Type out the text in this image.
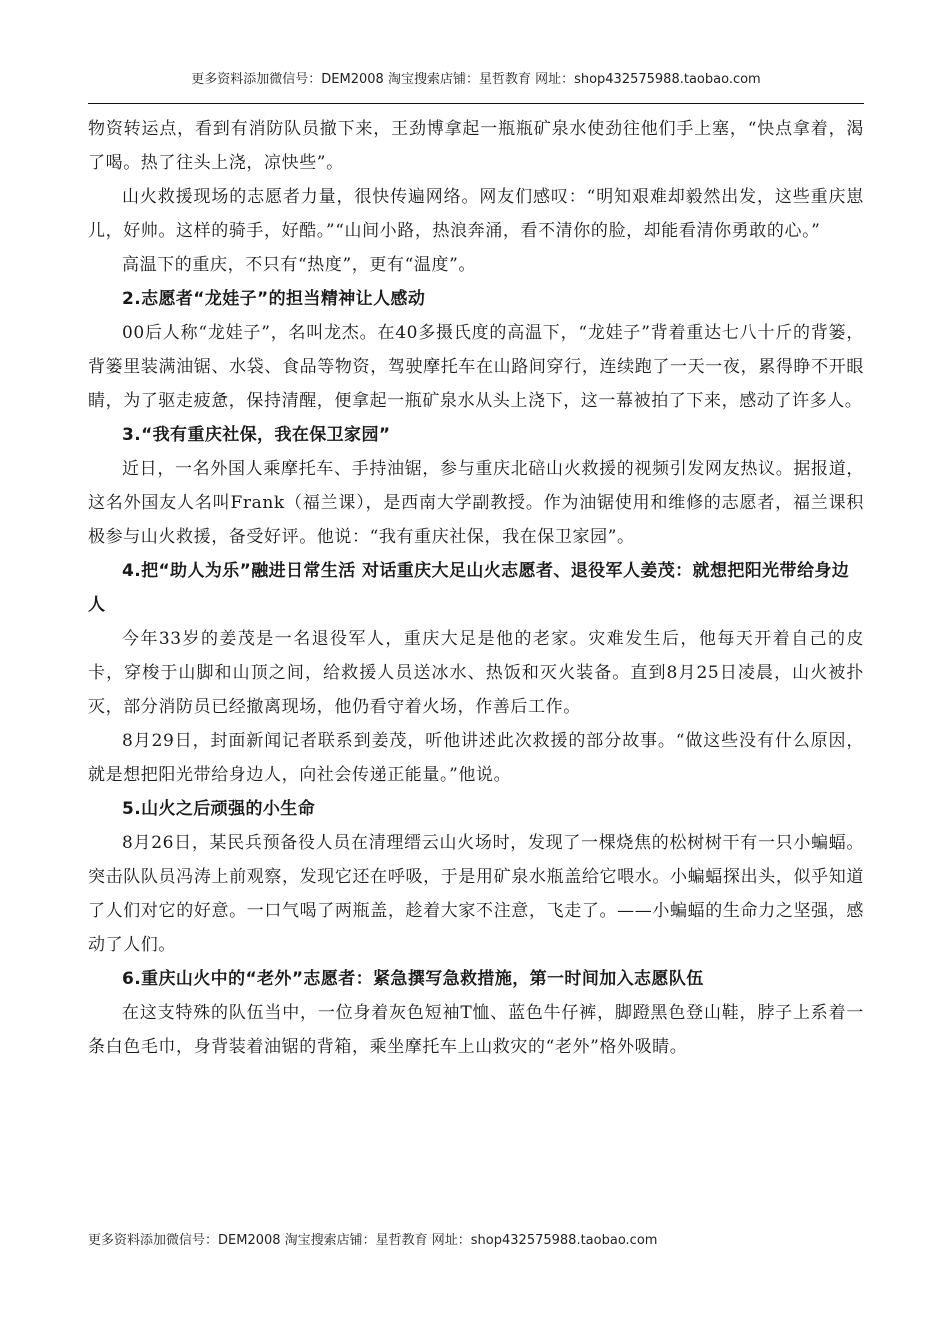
更多资料添加微信号：DEM2008 淘宝搜索店铺：星哲教育 网址：shop432575988.taobao.com

物资转运点，看到有消防队员撤下来，王劲博拿起一瓶瓶矿泉水使劲往他们手上塞，“快点拿着，渴了喝。热了往头上浇，凉快些”。

山火救援现场的志愿者力量，很快传遍网络。网友们感叹：“明知艰难却毅然出发，这些重庆崽儿，好帅。这样的骑手，好酷。”“山间小路，热浪奔涌，看不清你的脸，却能看清你勇敢的心。”

高温下的重庆，不只有“热度”，更有“温度”。

2.志愿者“龙娃子”的担当精神让人感动

00后人称“龙娃子”，名叫龙杰。在40多摄氏度的高温下，“龙娃子”背着重达七八十斤的背篓，背篓里装满油锯、水袋、食品等物资，驾驶摩托车在山路间穿行，连续跑了一天一夜，累得睁不开眼睛，为了驱走疲惫，保持清醒，便拿起一瓶矿泉水从头上浇下，这一幕被拍了下来，感动了许多人。

3.“我有重庆社保，我在保卫家园”

近日，一名外国人乘摩托车、手持油锯，参与重庆北碚山火救援的视频引发网友热议。据报道，这名外国友人名叫Frank（福兰课），是西南大学副教授。作为油锯使用和维修的志愿者，福兰课积极参与山火救援，备受好评。他说：“我有重庆社保，我在保卫家园”。

4.把“助人为乐”融进日常生活 对话重庆大足山火志愿者、退役军人姜茂：就想把阳光带给身边人

今年33岁的姜茂是一名退役军人，重庆大足是他的老家。灾难发生后，他每天开着自己的皮卡，穿梭于山脚和山顶之间，给救援人员送冰水、热饭和灭火装备。直到8月25日凌晨，山火被扑灭，部分消防员已经撤离现场，他仍看守着火场，作善后工作。

8月29日，封面新闻记者联系到姜茂，听他讲述此次救援的部分故事。“做这些没有什么原因，就是想把阳光带给身边人，向社会传递正能量。”他说。

5.山火之后顽强的小生命

8月26日，某民兵预备役人员在清理缙云山火场时，发现了一棵烧焦的松树树干有一只小蝙蝠。突击队队员冯涛上前观察，发现它还在呼吸，于是用矿泉水瓶盖给它喂水。小蝙蝠探出头，似乎知道了人们对它的好意。一口气喝了两瓶盖，趁着大家不注意，飞走了。——小蝙蝠的生命力之坚强，感动了人们。

6.重庆山火中的“老外”志愿者：紧急撰写急救措施，第一时间加入志愿队伍

在这支特殊的队伍当中，一位身着灰色短袖T恤、蓝色牛仔裤，脚蹬黑色登山鞋，脖子上系着一条白色毛巾，身背装着油锯的背箱，乘坐摩托车上山救灾的“老外”格外吸睛。

更多资料添加微信号：DEM2008 淘宝搜索店铺：星哲教育 网址：shop432575988.taobao.com
